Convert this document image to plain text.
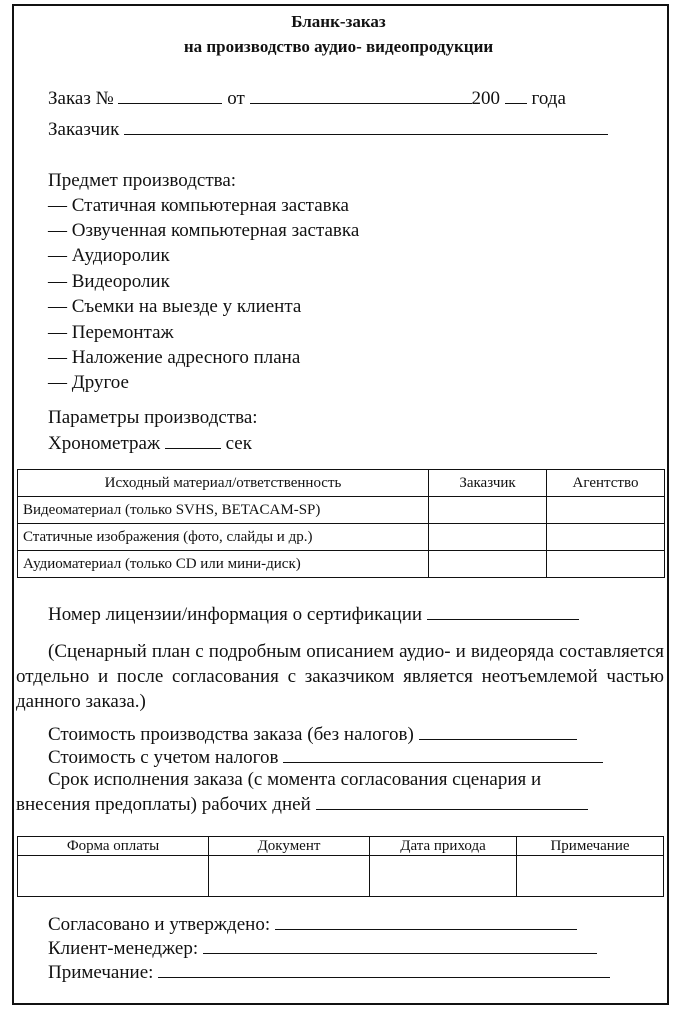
Бланк-заказ
на производство аудио- видеопродукции
Заказ №	от	200 года
Заказчик
Предмет производства:
— Статичная компьютерная заставка
— Озвученная компьютерная заставка
— Аудиоролик
— Видеоролик
— Съемки на выезде у клиента
— Перемонтаж
— Наложение адресного плана
— Другое
Параметры производства:
Хронометраж	сек
Исходный материал/ответственность	Заказчик	Агентство
Видеоматериал (только SVHS, BETACAM-SP)		
Статичные изображения (фото, слайды и др.)		
Аудиоматериал (только CD или мини-диск)		
Номер лицензии/информация о сертификации
(Сценарный план с подробным описанием аудио- и видеоряда составляется отдельно и после согласования с заказчиком является неотъемлемой частью данного заказа.)
Стоимость производства заказа (без налогов)
Стоимость с учетом налогов
Срок исполнения заказа (с момента согласования сценария и
внесения предоплаты) рабочих дней
Форма оплаты	Документ	Дата прихода	Примечание

Согласовано и утверждено:
Клиент-менеджер:
Примечание:
